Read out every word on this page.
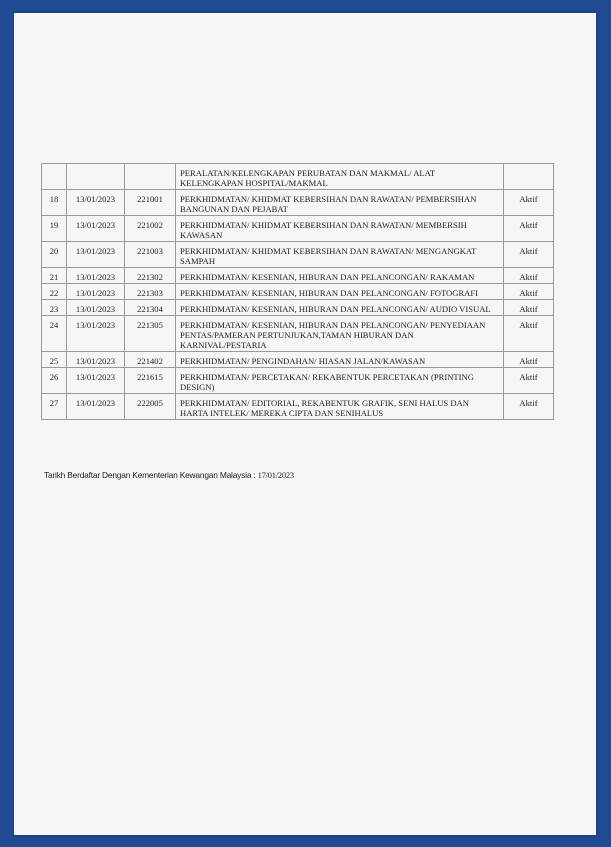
			PERALATAN/KELENGKAPAN PERUBATAN DAN MAKMAL/ ALAT KELENGKAPAN HOSPITAL/MAKMAL	
18	13/01/2023	221001	PERKHIDMATAN/ KHIDMAT KEBERSIHAN DAN RAWATAN/ PEMBERSIHAN BANGUNAN DAN PEJABAT	Aktif
19	13/01/2023	221002	PERKHIDMATAN/ KHIDMAT KEBERSIHAN DAN RAWATAN/ MEMBERSIH KAWASAN	Aktif
20	13/01/2023	221003	PERKHIDMATAN/ KHIDMAT KEBERSIHAN DAN RAWATAN/ MENGANGKAT SAMPAH	Aktif
21	13/01/2023	221302	PERKHIDMATAN/ KESENIAN, HIBURAN DAN PELANCONGAN/ RAKAMAN	Aktif
22	13/01/2023	221303	PERKHIDMATAN/ KESENIAN, HIBURAN DAN PELANCONGAN/ FOTOGRAFI	Aktif
23	13/01/2023	221304	PERKHIDMATAN/ KESENIAN, HIBURAN DAN PELANCONGAN/ AUDIO VISUAL	Aktif
24	13/01/2023	221305	PERKHIDMATAN/ KESENIAN, HIBURAN DAN PELANCONGAN/ PENYEDIAAN PENTAS/PAMERAN PERTUNJUKAN,TAMAN HIBURAN DAN KARNIVAL/PESTARIA	Aktif
25	13/01/2023	221402	PERKHIDMATAN/ PENGINDAHAN/ HIASAN JALAN/KAWASAN	Aktif
26	13/01/2023	221615	PERKHIDMATAN/ PERCETAKAN/ REKABENTUK PERCETAKAN (PRINTING DESIGN)	Aktif
27	13/01/2023	222005	PERKHIDMATAN/ EDITORIAL, REKABENTUK GRAFIK, SENI HALUS DAN HARTA INTELEK/ MEREKA CIPTA DAN SENIHALUS	Aktif
Tarikh Berdaftar Dengan Kementerian Kewangan Malaysia : 17/01/2023
